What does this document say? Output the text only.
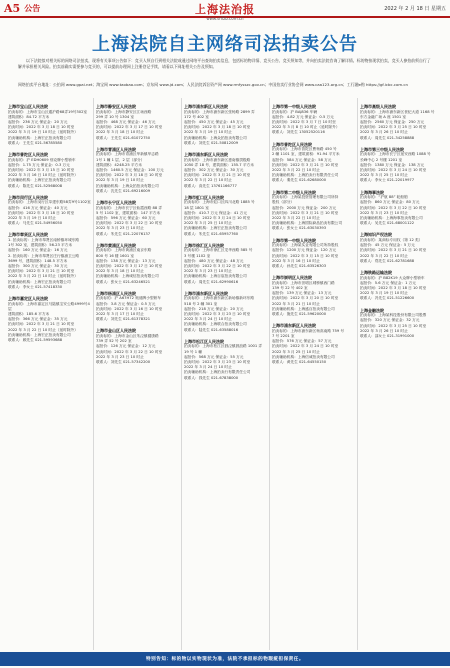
A5 公告	上海法治报
www.shfzb.com.cn
2022 年 2 月 18 日 星期五
上海法院自主网络司法拍卖公告
以下法院拟对相关标的网络司法拍卖，现将有关事项公告如下：竞买人须自行到相关法院或通过网络平台查询拍卖信息，包括标的物详情、竞买公告、竞买须知等，并向拍卖法院咨询了解详情。标的物按现状拍卖，竞买人参拍前须自行了解并承担相关风险。拍卖前确实需要参与竞买的，可以提前办理网上注册登记手续，请看以下网址相关公告及须知。
网络拍卖平台地址：公拍网 www.gpai.net；淘宝网 www.taobao.com；京东网 www.jd.com；人民法院诉讼资产网 www.rmfysszc.gov.cn；中国拍卖行业协会网 www.caa123.org.cn；工行融e购 https://gf.icbc.com.cn
上海市宝山区人民法院
拍卖标的：上海市宝山区通沪路68弄19号302室
建筑面积：84.72 平方米
起拍价：236 万元 保证金：20 万元
拍卖时间：2022 年 3 月 18 日 10 时至
2022 年 3 月 19 日 10 时止（延时除外）
拍卖辅助机构：上海宏正拍卖有限公司
联系人：王先生 021-56785580
上海市普陀区人民法院
拍卖标的：沪 EDH0609 别克牌小型轿车
起拍价：1.75 万元 保证金：0.3 万元
拍卖时间：2022 年 3 月 15 日 10 时至
2022 年 3 月 16 日 10 时止（延时除外）
拍卖辅助机构：上海宏正拍卖有限公司
联系人：陈先生 021-52568008
上海市闵行区人民法院
拍卖标的：上海市闵行区莘建东路58弄9号1102室
起拍价：416 万元 保证金：40 万元
拍卖时间：2022 年 3 月 18 日 10 时至
2022 年 3 月 19 日 10 时止
联系人：马先生 021-54956050
上海市奉贤区人民法院
1. 拍卖标的：上海市奉贤区南桥镇环城东路
1号 302 室，建筑面积：56.23 平方米
起拍价：160 万元 保证金：16 万元
2. 拍卖标的：上海市奉贤区庄行镇浦卫公路
3699 号，建筑面积：148.5 平方米
起拍价：300 万元 保证金：30 万元
拍卖时间：2022 年 3 月 21 日 10 时至
2022 年 3 月 22 日 10 时止（延时除外）
拍卖辅助机构：上海宏正拍卖有限公司
联系人：李女士 021-57418330
上海市嘉定区人民法院
拍卖标的：上海市嘉定区马陆镇宝安公路4999号4层
建筑面积：185.6 平方米
起拍价：366 万元 保证金：35 万元
拍卖时间：2022 年 3 月 21 日 10 时至
2022 年 3 月 22 日 10 时止（延时除外）
拍卖辅助机构：上海宏正拍卖有限公司
联系人：顾先生 021-59593688
上海市静安区人民法院
拍卖标的：上海市静安区江场西路
299 弄 10 号 1304 室
起拍价：468 万元 保证金：46 万元
拍卖时间：2022 年 3 月 17 日 10 时至
2022 年 3 月 18 日 10 时止
联系人：王先生 021-61072750
上海市青浦区人民法院
拍卖标的：上海市青浦区华新镇华志路
1号 1 幢 1 层、2 层（部分）
建筑面积：4248.25 平方米
起拍价：1460.5 万元 保证金：100 万元
拍卖时间：2022 年 3 月 18 日 10 时至
2022 年 3 月 19 日 10 时止
拍卖辅助机构：上海众拍拍卖有限公司
联系人：沈先生 021-69216009
上海市长宁区人民法院
拍卖标的：上海市长宁区仙霞西路 88 弄
5 号 1102 室，建筑面积：147 平方米
起拍价：596 万元 保证金：60 万元
拍卖时间：2022 年 3 月 22 日 10 时至
2022 年 3 月 23 日 10 时止
联系人：朱先生 021-22076137
上海市黄浦区人民法院
拍卖标的：上海市黄浦区南京东路
800 号 16 楼 1601 室
起拍价：138 万元 保证金：13 万元
拍卖时间：2022 年 3 月 17 日 10 时至
2022 年 3 月 18 日 10 时止
拍卖辅助机构：上海诚信拍卖有限公司
联系人：张女士 021-63246521
上海市杨浦区人民法院
拍卖标的：沪 A67H72 奥迪牌小型轿车
起拍价：3.8 万元 保证金：0.5 万元
拍卖时间：2022 年 3 月 16 日 10 时至
2022 年 3 月 17 日 10 时止
联系人：刘先生 021-61378321
上海市金山区人民法院
拍卖标的：上海市金山区朱泾镇健康路
739 弄 52 号 202 室
起拍价：126 万元 保证金：12 万元
拍卖时间：2022 年 3 月 22 日 10 时至
2022 年 3 月 23 日 10 时止
联系人：刘先生 021-57342200
上海市浦东新区人民法院
拍卖标的：上海市浦东新区张杨路 2899 弄
172 号 402 室
起拍价：450 万元 保证金：45 万元
拍卖时间：2022 年 3 月 18 日 10 时至
2022 年 3 月 19 日 10 时止
拍卖辅助机构：上海众拍拍卖有限公司
联系人：刘先生 021-50812009
上海市浦东新区人民法院
拍卖标的：上海市浦东新区惠南镇拱极路
1050 弄 18 号，建筑面积：155.7 平方米
起拍价：302 万元 保证金：30 万元
拍卖时间：2022 年 3 月 21 日 10 时至
2022 年 3 月 22 日 10 时止
联系人：高先生 13761166777
上海市虹口区人民法院
拍卖标的：上海市虹口区四川北路 1885 号
18 层 1801 室
起拍价：410.7 万元 保证金：41 万元
拍卖时间：2022 年 3 月 24 日 10 时至
2022 年 3 月 25 日 10 时止
拍卖辅助机构：上海宏正拍卖有限公司
联系人：朱先生 021-65957760
上海市徐汇区人民法院
拍卖标的：上海市徐汇区龙华西路 585 号
3 号楼 1102 室
起拍价：480 万元 保证金：48 万元
拍卖时间：2022 年 3 月 22 日 10 时至
2022 年 3 月 23 日 10 时止
拍卖辅助机构：上海百宸拍卖有限公司
联系人：周先生 021-62990616
上海市浦东新区人民法院
拍卖标的：上海市浦东新区新场镇新环东路
518 号 2 幢 301 室
起拍价：218 万元 保证金：20 万元
拍卖时间：2022 年 3 月 23 日 10 时至
2022 年 3 月 24 日 10 时止
拍卖辅助机构：上海联合拍卖有限公司
联系人：陆先生 021-63588016
上海市松江区人民法院
拍卖标的：上海市松江区泗泾镇鼓浪路 1001 弄
19 号 1 幢
起拍价：568 万元 保证金：55 万元
拍卖时间：2022 年 3 月 23 日 10 时至
2022 年 3 月 24 日 10 时止
拍卖辅助机构：上海拍卖行有限责任公司
联系人：钱先生 021-67838000
上海市第一中级人民法院
拍卖标的：沪 BAJ836 车辆
起拍价：4.82 万元 保证金：0.5 万元
拍卖时间：2022 年 3 月 7 日 10 时至
2022 年 3 月 8 日 10 时止（延时除外）
联系人：刘先生 13052520116
上海市普陀区人民法院
拍卖标的：上海市普陀区曹杨路 450 号
2 幢 1101 室，建筑面积：91.94 平方米
起拍价：584 万元 保证金：58 万元
拍卖时间：2022 年 3 月 21 日 10 时至
2022 年 3 月 22 日 10 时止
拍卖辅助机构：上海拍卖行有限责任公司
联系人：秦先生 021-62680000
上海市第二中级人民法院
拍卖标的：上海某投资管理有限公司所持
股权（部分）
起拍价：2000 万元 保证金：200 万元
拍卖时间：2022 年 3 月 21 日 10 时至
2022 年 3 月 22 日 10 时止
拍卖辅助机构：上海国际商品拍卖有限公司
联系人：张女士 021-63030393
上海市第一中级人民法院
拍卖标的：上海某实业有限公司所持股权
起拍价：1200 万元 保证金：120 万元
拍卖时间：2022 年 3 月 15 日 10 时至
2022 年 3 月 16 日 10 时止
联系人：孙先生 021-63526303
上海市崇明区人民法院
拍卖标的：上海市崇明区城桥镇西门路
139 号 22 号 402 室
起拍价：139 万元 保证金：13 万元
拍卖时间：2022 年 3 月 20 日 10 时至
2022 年 3 月 21 日 10 时止
拍卖辅助机构：上海盛百拍卖有限公司
联系人：施先生 021-59620000
上海市浦东新区人民法院
拍卖标的：上海市浦东新区杨高南路 759 号
7 号 2201 室
起拍价：576 万元 保证金：57 万元
拍卖时间：2022 年 3 月 24 日 10 时至
2022 年 3 月 25 日 10 时止
拍卖辅助机构：上海信诚拍卖有限公司
联系人：黄先生 021-64550150
上海市高级人民法院
拍卖标的：上海市浦东新区世纪大道 1168 号
东方金融广场 A 座 1501 室
起拍价：2560 万元 保证金：250 万元
拍卖时间：2022 年 3 月 25 日 10 时至
2022 年 3 月 26 日 10 时止
联系人：周先生 021-34258888
上海市第三中级人民法院
拍卖标的：上海市长宁区延安西路 1088 号
长峰中心 2 号楼 1201 室
起拍价：1380 万元 保证金：138 万元
拍卖时间：2022 年 3 月 24 日 10 时至
2022 年 3 月 25 日 10 时止
联系人：李女士 021-22019977
上海海事法院
拍卖标的：“沪航 88” 轮船舶
起拍价：860 万元 保证金：80 万元
拍卖时间：2022 年 3 月 22 日 10 时至
2022 年 3 月 23 日 10 时止
拍卖辅助机构：上海海事拍卖有限公司
联系人：吴先生 021-68001122
上海知识产权法院
拍卖标的：某商标专用权（第 12 类）
起拍价：45 万元 保证金：5 万元
拍卖时间：2022 年 3 月 21 日 10 时至
2022 年 3 月 22 日 10 时止
联系人：郑先生 021-62781688
上海铁路运输法院
拍卖标的：沪 B82K19 大众牌小型轿车
起拍价：5.6 万元 保证金：1 万元
拍卖时间：2022 年 3 月 18 日 10 时至
2022 年 3 月 19 日 10 时止
联系人：冯先生 021-51226600
上海金融法院
拍卖标的：上海某科技股份有限公司股票
起拍价：320 万元 保证金：32 万元
拍卖时间：2022 年 3 月 25 日 10 时至
2022 年 3 月 26 日 10 时止
联系人：邵女士 021-31991000
特别告知：标的物以实物现状为准，法院不承担标的物瑕疵担保责任。
